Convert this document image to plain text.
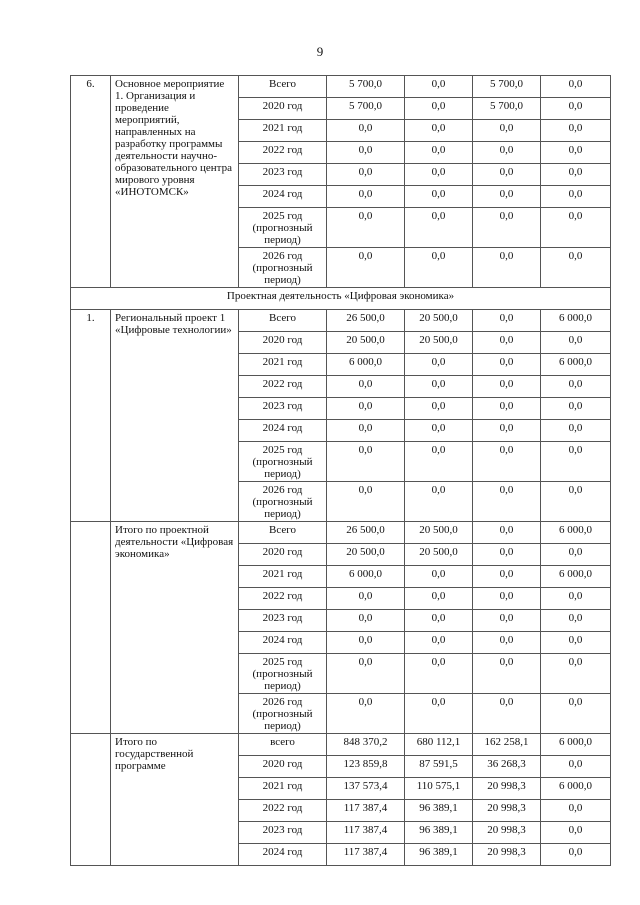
9
6.	Основное мероприятие 1. Организация и проведение мероприятий, направленных на разработку программы деятельности научно-образовательного центра мирового уровня «ИНОТОМСК»	Всего	5 700,0	0,0	5 700,0	0,0
		2020 год	5 700,0	0,0	5 700,0	0,0
		2021 год	0,0	0,0	0,0	0,0
		2022 год	0,0	0,0	0,0	0,0
		2023 год	0,0	0,0	0,0	0,0
		2024 год	0,0	0,0	0,0	0,0
		2025 год (прогнозный период)	0,0	0,0	0,0	0,0
		2026 год (прогнозный период)	0,0	0,0	0,0	0,0
Проектная деятельность «Цифровая экономика»						
1.	Региональный проект 1 «Цифровые технологии»	Всего	26 500,0	20 500,0	0,0	6 000,0
		2020 год	20 500,0	20 500,0	0,0	0,0
		2021 год	6 000,0	0,0	0,0	6 000,0
		2022 год	0,0	0,0	0,0	0,0
		2023 год	0,0	0,0	0,0	0,0
		2024 год	0,0	0,0	0,0	0,0
		2025 год (прогнозный период)	0,0	0,0	0,0	0,0
		2026 год (прогнозный период)	0,0	0,0	0,0	0,0
	Итого по проектной деятельности «Цифровая экономика»	Всего	26 500,0	20 500,0	0,0	6 000,0
		2020 год	20 500,0	20 500,0	0,0	0,0
		2021 год	6 000,0	0,0	0,0	6 000,0
		2022 год	0,0	0,0	0,0	0,0
		2023 год	0,0	0,0	0,0	0,0
		2024 год	0,0	0,0	0,0	0,0
		2025 год (прогнозный период)	0,0	0,0	0,0	0,0
		2026 год (прогнозный период)	0,0	0,0	0,0	0,0
	Итого по государственной программе	всего	848 370,2	680 112,1	162 258,1	6 000,0
		2020 год	123 859,8	87 591,5	36 268,3	0,0
		2021 год	137 573,4	110 575,1	20 998,3	6 000,0
		2022 год	117 387,4	96 389,1	20 998,3	0,0
		2023 год	117 387,4	96 389,1	20 998,3	0,0
		2024 год	117 387,4	96 389,1	20 998,3	0,0
